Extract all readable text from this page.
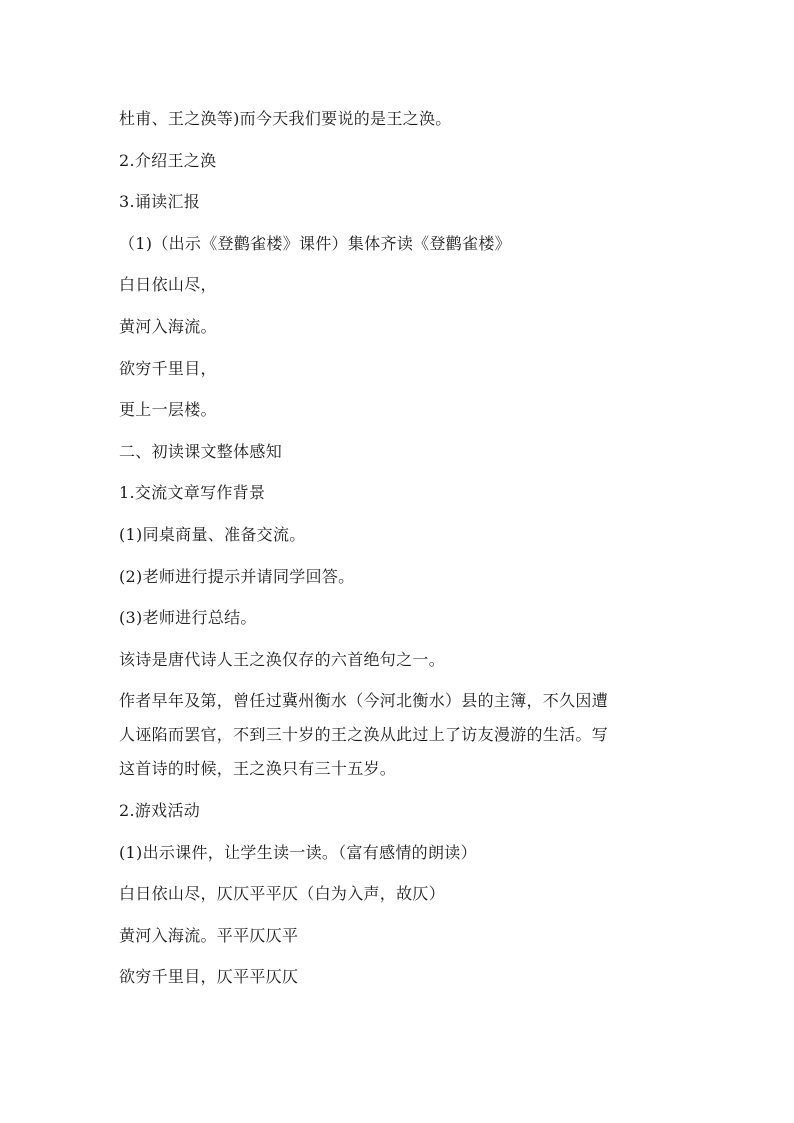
杜甫、王之涣等)而今天我们要说的是王之涣。
2.介绍王之涣
3.诵读汇报
（1)（出示《登鹳雀楼》课件）集体齐读《登鹳雀楼》
白日依山尽，
黄河入海流。
欲穷千里目，
更上一层楼。
二、初读课文整体感知
1.交流文章写作背景
(1)同桌商量、准备交流。
(2)老师进行提示并请同学回答。
(3)老师进行总结。
该诗是唐代诗人王之涣仅存的六首绝句之一。
作者早年及第，曾任过冀州衡水（今河北衡水）县的主簿，不久因遭
人诬陷而罢官，不到三十岁的王之涣从此过上了访友漫游的生活。写
这首诗的时候，王之涣只有三十五岁。
2.游戏活动
(1)出示课件，让学生读一读。（富有感情的朗读）
白日依山尽，仄仄平平仄（白为入声，故仄）
黄河入海流。平平仄仄平
欲穷千里目，仄平平仄仄
